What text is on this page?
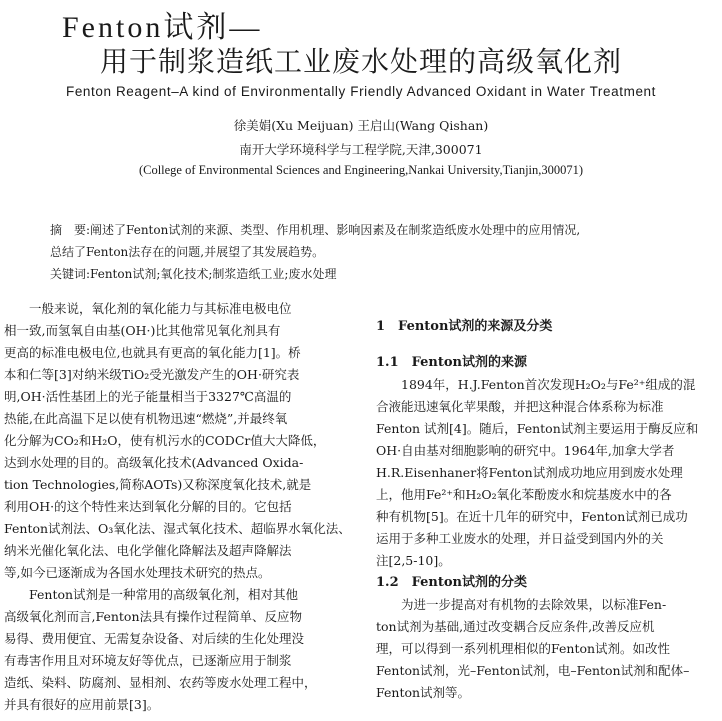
Fenton试剂—
用于制浆造纸工业废水处理的高级氧化剂
Fenton Reagent–A kind of Environmentally Friendly Advanced Oxidant in Water Treatment
徐美娟(Xu Meijuan) 王启山(Wang Qishan)
南开大学环境科学与工程学院,天津,300071
(College of Environmental Sciences and Engineering,Nankai University,Tianjin,300071)
摘　要:阐述了Fenton试剂的来源、类型、作用机理、影响因素及在制浆造纸废水处理中的应用情况,
总结了Fenton法存在的问题,并展望了其发展趋势。
关键词:Fenton试剂;氧化技术;制浆造纸工业;废水处理
　　一般来说，氧化剂的氧化能力与其标准电极电位
相一致,而氢氧自由基(OH·)比其他常见氧化剂具有
更高的标准电极电位,也就具有更高的氧化能力[1]。桥
本和仁等[3]对纳米级TiO₂受光激发产生的OH·研究表
明,OH·活性基团上的光子能量相当于3327℃高温的
热能,在此高温下足以使有机物迅速“燃烧”,并最终氧
化分解为CO₂和H₂O，使有机污水的CODCr值大大降低，
达到水处理的目的。高级氧化技术(Advanced Oxida-
tion Technologies,简称AOTs)又称深度氧化技术,就是
利用OH·的这个特性来达到氧化分解的目的。它包括
Fenton试剂法、O₃氧化法、湿式氧化技术、超临界水氧化法、
纳米光催化氧化法、电化学催化降解法及超声降解法
等,如今已逐渐成为各国水处理技术研究的热点。
　　Fenton试剂是一种常用的高级氧化剂，相对其他
高级氧化剂而言,Fenton法具有操作过程简单、反应物
易得、费用便宜、无需复杂设备、对后续的生化处理没
有毒害作用且对环境友好等优点，已逐渐应用于制浆
造纸、染料、防腐剂、显相剂、农药等废水处理工程中，
并具有很好的应用前景[3]。
1　Fenton试剂的来源及分类
1.1　Fenton试剂的来源
　　1894年，H.J.Fenton首次发现H₂O₂与Fe²⁺组成的混
合液能迅速氧化苹果酸，并把这种混合体系称为标准
Fenton 试剂[4]。随后，Fenton试剂主要运用于酶反应和
OH·自由基对细胞影响的研究中。1964年,加拿大学者
H.R.Eisenhaner将Fenton试剂成功地应用到废水处理
上，他用Fe²⁺和H₂O₂氧化苯酚废水和烷基废水中的各
种有机物[5]。在近十几年的研究中，Fenton试剂已成功
运用于多种工业废水的处理，并日益受到国内外的关
注[2,5-10]。
1.2　Fenton试剂的分类
　　为进一步提高对有机物的去除效果，以标准Fen-
ton试剂为基础,通过改变耦合反应条件,改善反应机
理，可以得到一系列机理相似的Fenton试剂。如改性
Fenton试剂，光–Fenton试剂，电–Fenton试剂和配体–
Fenton试剂等。
